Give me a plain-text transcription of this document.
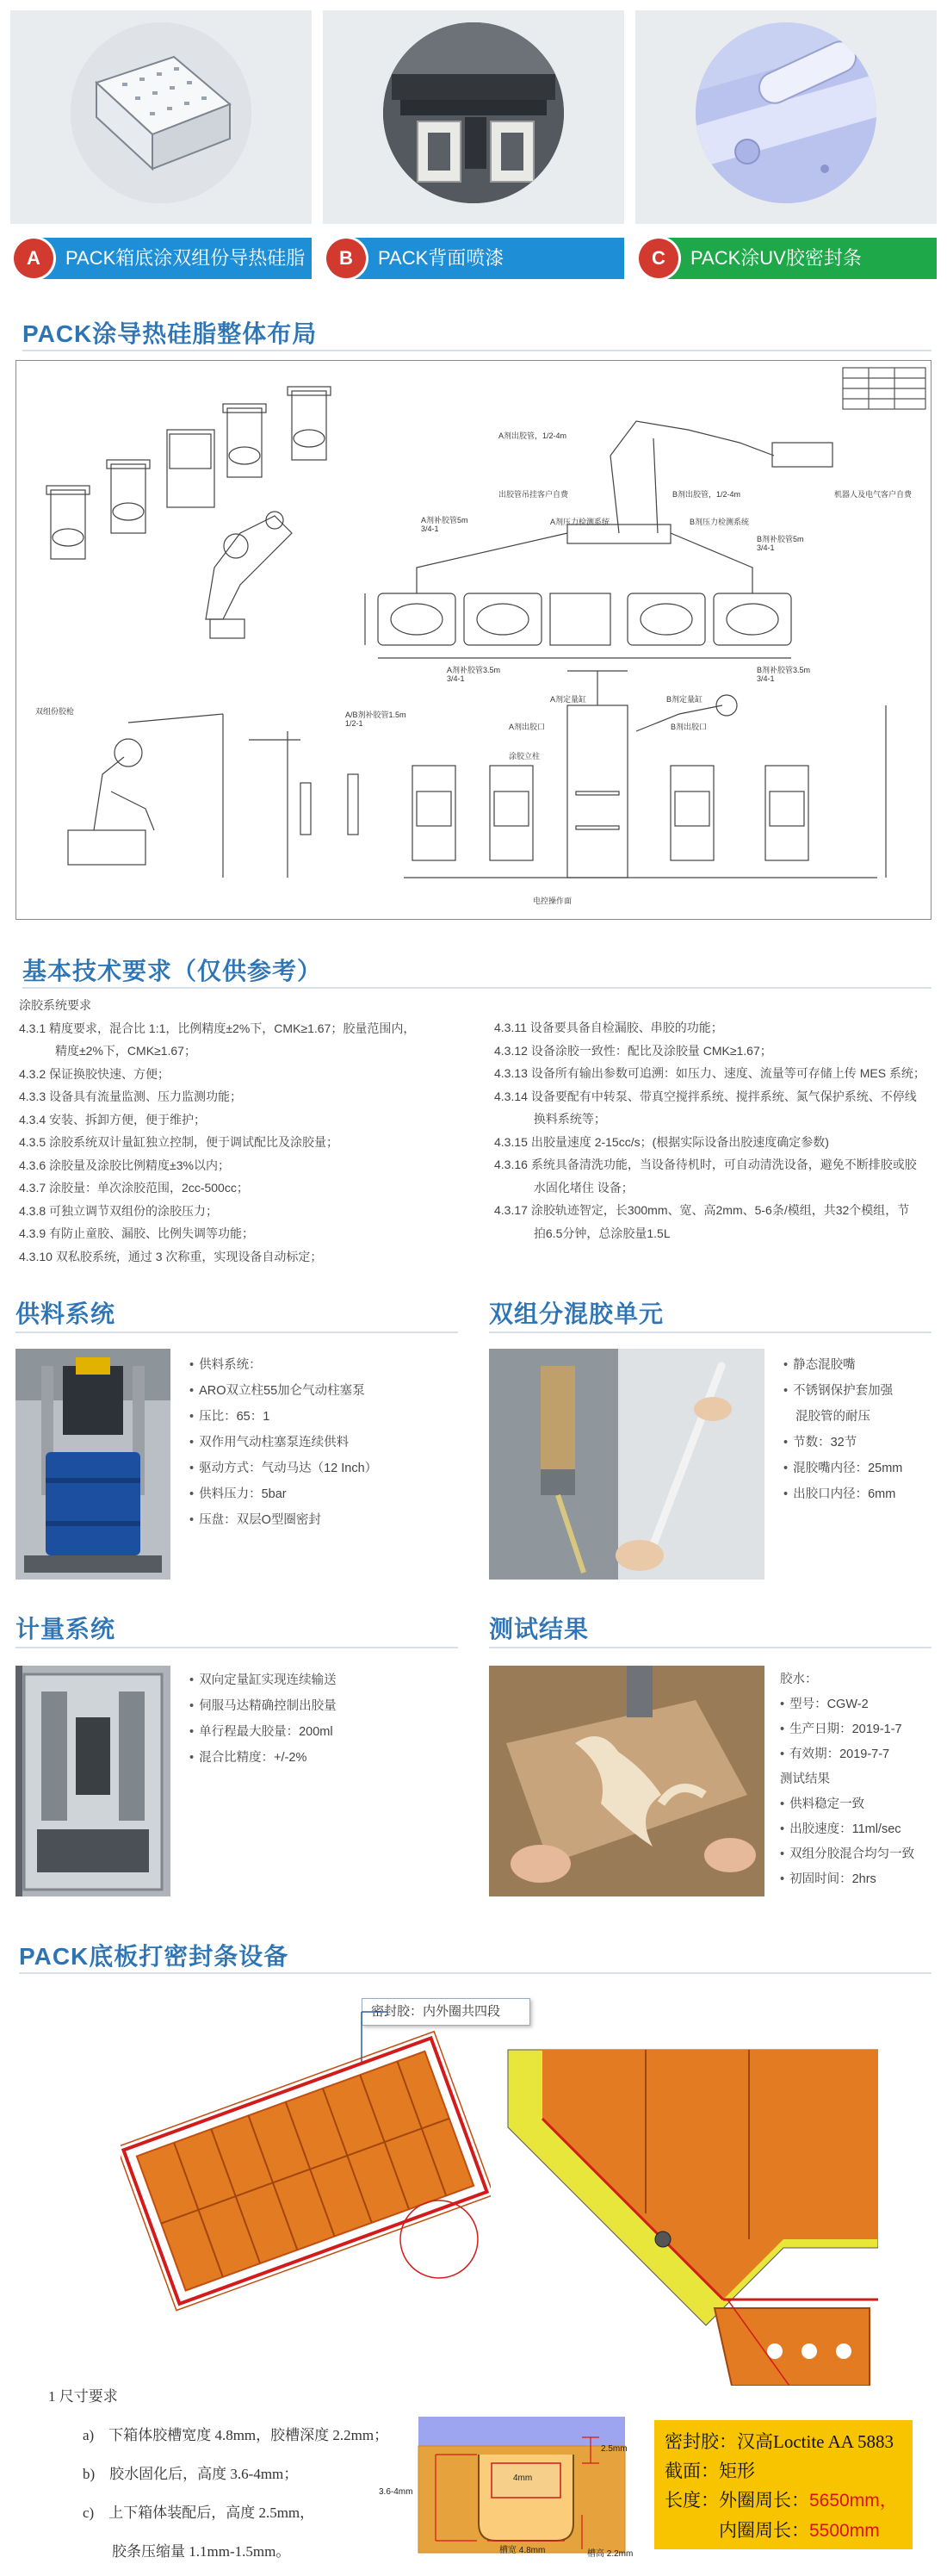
PACK箱底涂双组份导热硅脂
A	PACK背面喷漆
B	PACK涂UV胶密封条
C
PACK涂导热硅脂整体布局
A剂出胶管，1/2-4m
B剂出胶管，1/2-4m
出胶管吊挂客户自费	机器人及电气客户自费
A剂补胶管5m
3/4-1
A剂压力检测系统	B剂压力检测系统
B剂补胶管5m
3/4-1
A剂补胶管3.5m
3/4-1
B剂补胶管3.5m
3/4-1
双组份胶枪	A/B剂补胶管1.5m
1/2-1
A剂定量缸	B剂定量缸
A剂出胶口	B剂出胶口
涂胶立柱
电控操作面
基本技术要求（仅供参考）

涂胶系统要求

4.3.1 精度要求，混合比 1:1，比例精度±2%下，CMK≥1.67；胶量范围内，

　　　精度±2%下，CMK≥1.67；

4.3.2 保证换胶快速、方便；

4.3.3 设备具有流量监测、压力监测功能；

4.3.4 安装、拆卸方便，便于维护；

4.3.5 涂胶系统双计量缸独立控制，便于调试配比及涂胶量；

4.3.6 涂胶量及涂胶比例精度±3%以内；

4.3.7 涂胶量：单次涂胶范围，2cc-500cc；

4.3.8 可独立调节双组份的涂胶压力；

4.3.9 有防止童胶、漏胶、比例失调等功能；

4.3.10 双私胶系统，通过 3 次称重，实现设备自动标定；

4.3.11 设备要具备自检漏胶、串胶的功能；

4.3.12 设备涂胶一致性：配比及涂胶量 CMK≥1.67；

4.3.13 设备所有输出参数可追溯：如压力、速度、流量等可存储上传 MES 系统；

4.3.14 设备要配有中转泵、带真空搅拌系统、搅拌系统、氮气保护系统、不停线

　　　 换料系统等；

4.3.15 出胶量速度 2-15cc/s；(根据实际设备出胶速度确定参数)

4.3.16 系统具备清洗功能，当设备待机时，可自动清洗设备，避免不断排胶或胶

　　　 水固化堵住 设备；

4.3.17 涂胶轨迹智定，长300mm、宽、高2mm、5-6条/模组，共32个模组，节

　　　 拍6.5分钟，总涂胶量1.5L

供料系统
• 供料系统：
• ARO双立柱55加仑气动柱塞泵
• 压比：65：1
• 双作用气动柱塞泵连续供料
• 驱动方式：气动马达（12 Inch）
• 供料压力：5bar
• 压盘：双层O型圈密封
双组分混胶单元
• 静态混胶嘴
• 不锈钢保护套加强
混胶管的耐压
• 节数：32节
• 混胶嘴内径：25mm
• 出胶口内径：6mm
计量系统
• 双向定量缸实现连续输送
• 伺服马达精确控制出胶量
• 单行程最大胶量：200ml
• 混合比精度：+/-2%
测试结果
胶水：
• 型号：CGW-2
• 生产日期：2019-1-7
• 有效期：2019-7-7
测试结果
• 供料稳定一致
• 出胶速度：11ml/sec
• 双组分胶混合均匀一致
• 初固时间：2hrs
PACK底板打密封条设备
密封胶：内外圈共四段

1 尺寸要求

a)　下箱体胶槽宽度 4.8mm，胶槽深度 2.2mm；

b)　胶水固化后，高度 3.6-4mm；

c)　上下箱体装配后，高度 2.5mm，

　　胶条压缩量 1.1mm-1.5mm。

3.6-4mm
4mm
2.5mm
槽宽 4.8mm	槽高 2.2mm

密封胶：汉高Loctite AA 5883

截面：矩形

长度：外圈周长：5650mm，

　　　内圈周长：5500mm
